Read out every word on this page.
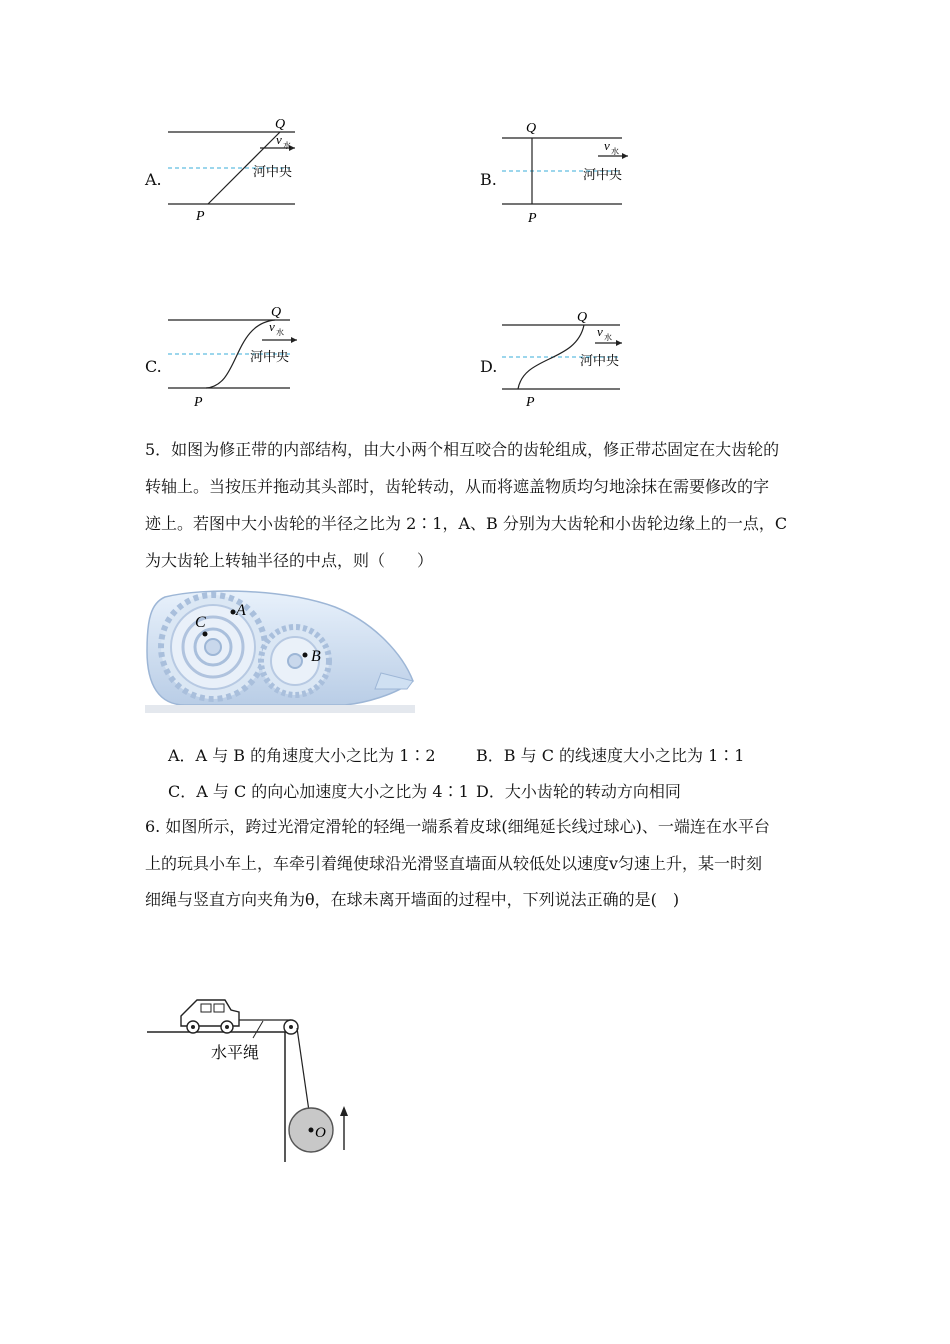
Q
P
v 水
河中央
A.
Q
P
v 水
河中央
B.
Q
P
v 水
河中央
C.
Q
P
v 水
河中央
D.
5．如图为修正带的内部结构，由大小两个相互咬合的齿轮组成，修正带芯固定在大齿轮的
转轴上。当按压并拖动其头部时，齿轮转动，从而将遮盖物质均匀地涂抹在需要修改的字
迹上。若图中大小齿轮的半径之比为 2∶1，A、B 分别为大齿轮和小齿轮边缘上的一点，C
为大齿轮上转轴半径的中点，则（　　）
A
C
B
A．A 与 B 的角速度大小之比为 1∶2	B．B 与 C 的线速度大小之比为 1∶1
C．A 与 C 的向心加速度大小之比为 4∶1 D．大小齿轮的转动方向相同
6. 如图所示，跨过光滑定滑轮的轻绳一端系着皮球(细绳延长线过球心)、一端连在水平台
上的玩具小车上，车牵引着绳使球沿光滑竖直墙面从较低处以速度v匀速上升，某一时刻
细绳与竖直方向夹角为θ，在球未离开墙面的过程中，下列说法正确的是(　)
O
水平绳
